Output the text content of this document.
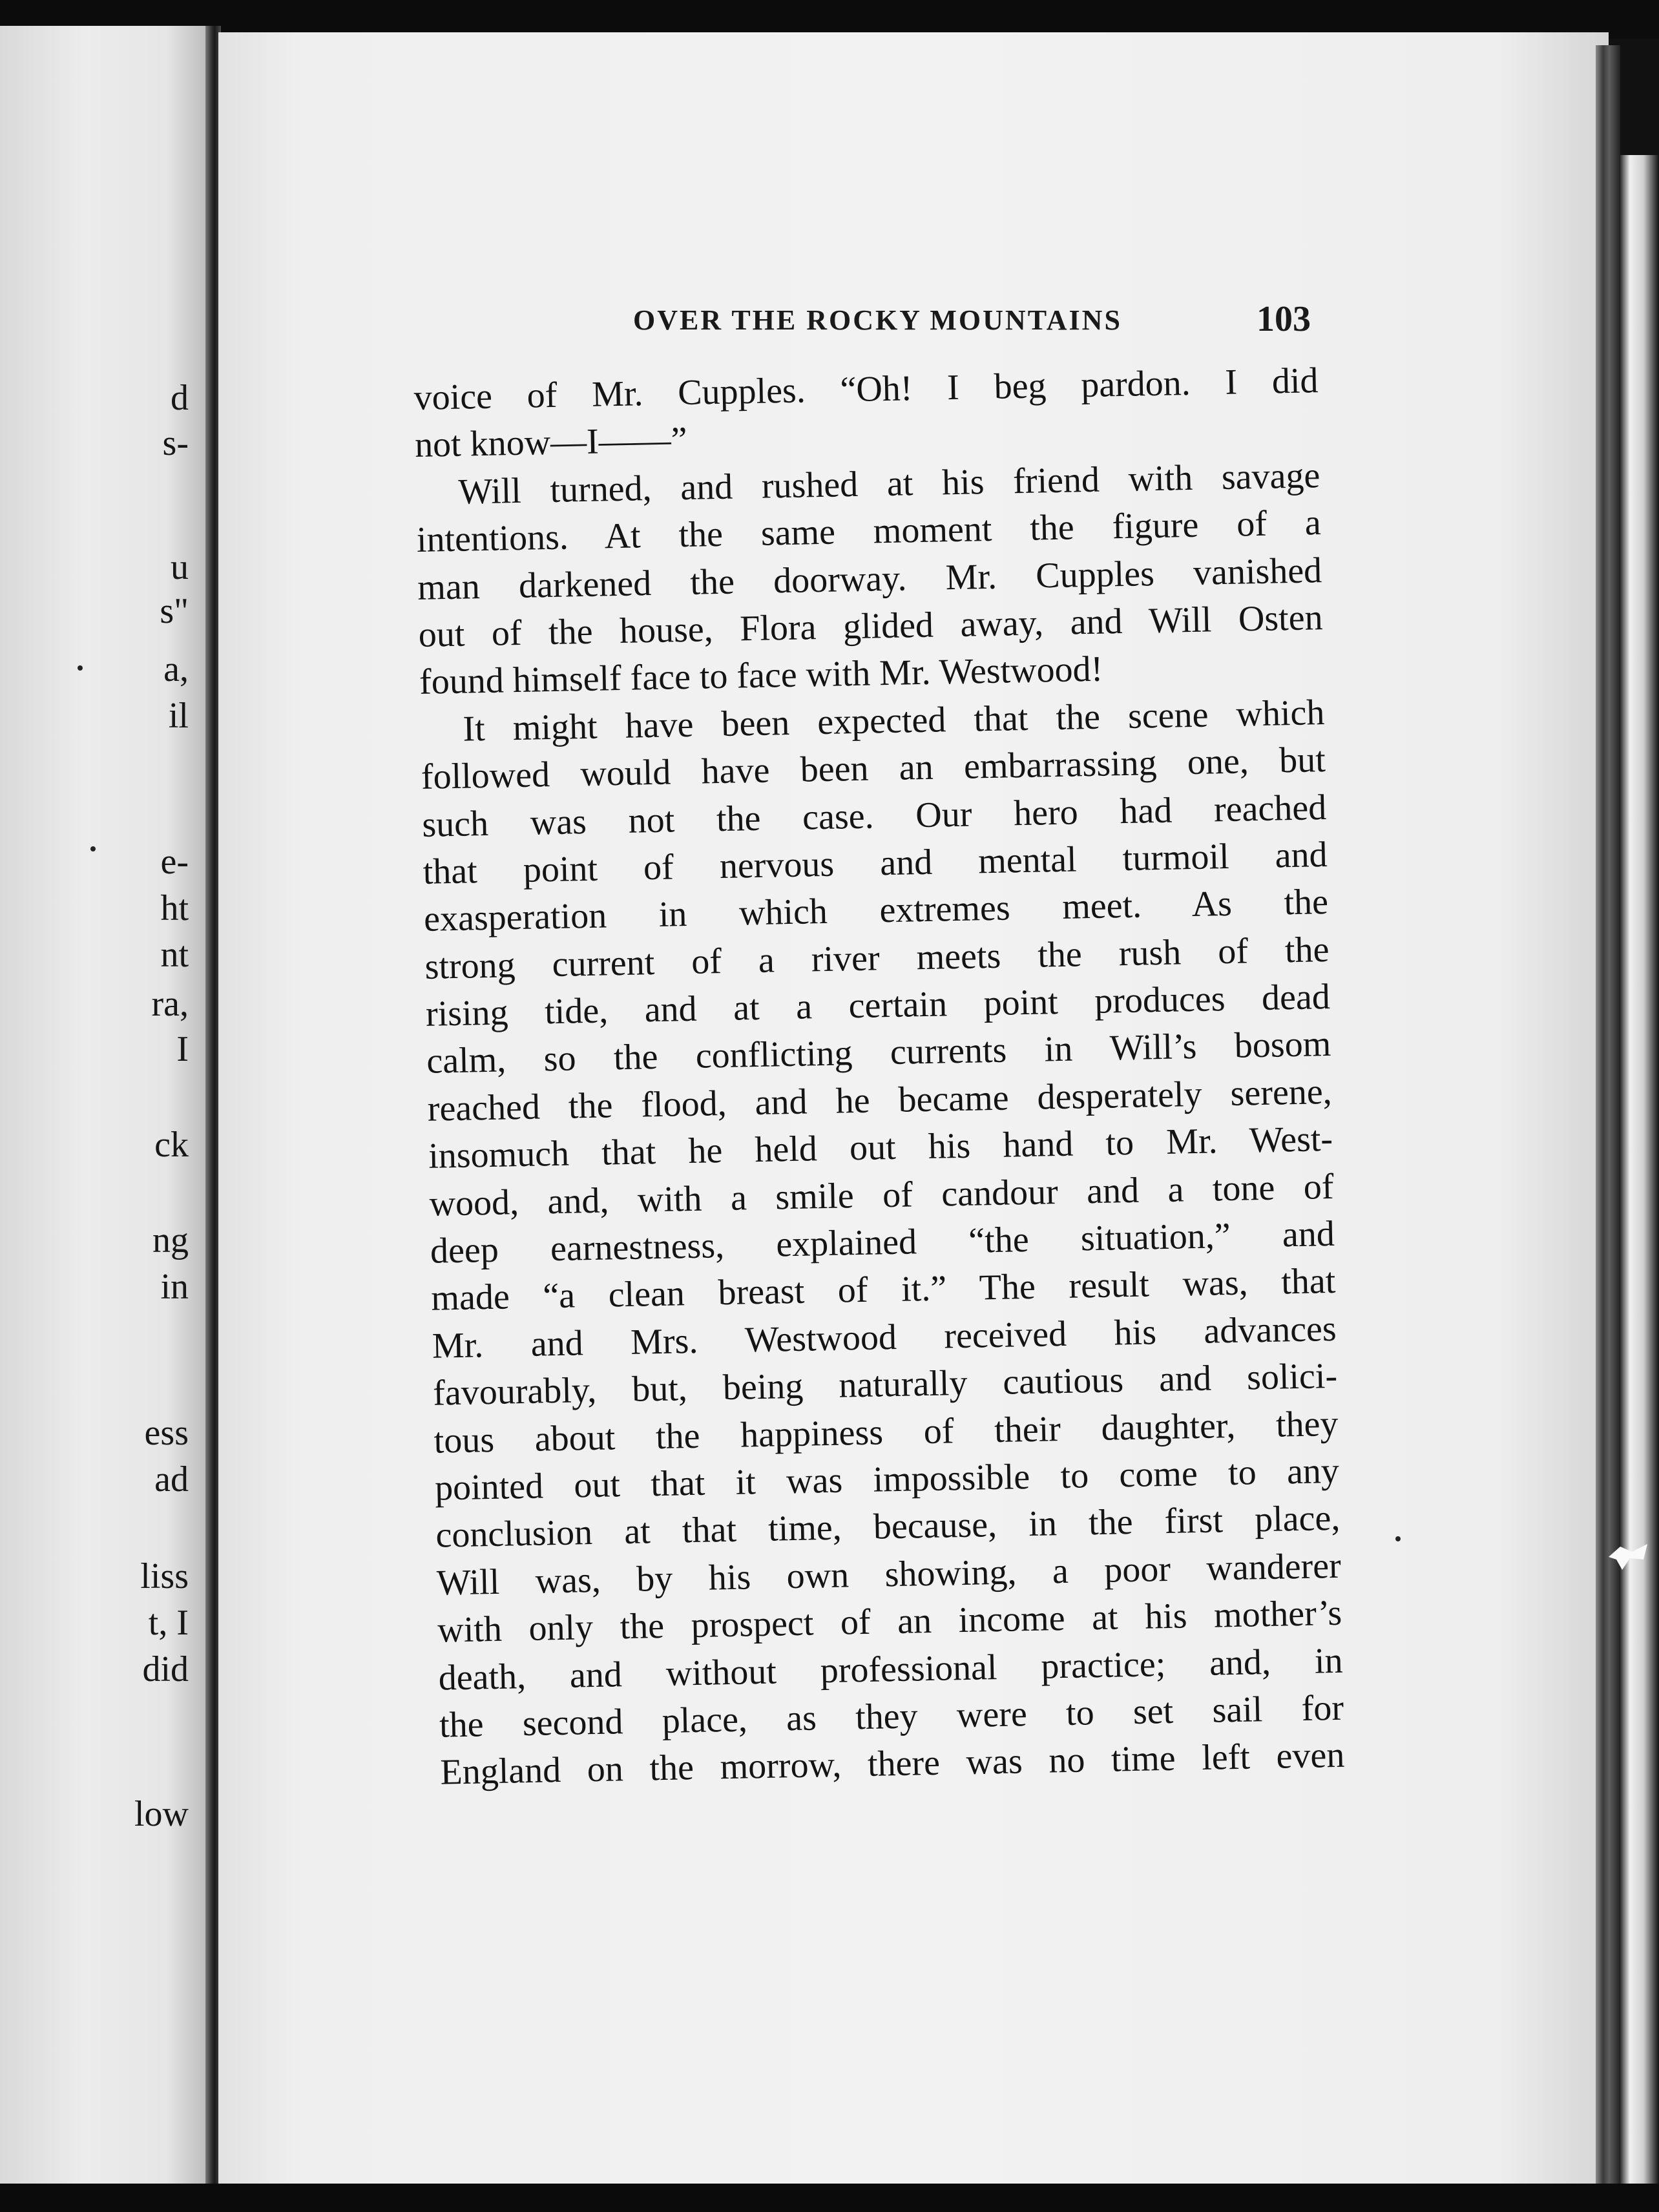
d
s-
u
s"
a,
il
e-
ht
nt
ra,
I
ck
ng
in
ess
ad
liss
t, I
did
low
OVER THE ROCKY MOUNTAINS	103
voice of Mr. Cupples. “Oh! I beg pardon. I did
not know—I——”
Will turned, and rushed at his friend with savage
intentions. At the same moment the figure of a
man darkened the doorway. Mr. Cupples vanished
out of the house, Flora glided away, and Will Osten
found himself face to face with Mr. Westwood!
It might have been expected that the scene which
followed would have been an embarrassing one, but
such was not the case. Our hero had reached
that point of nervous and mental turmoil and
exasperation in which extremes meet. As the
strong current of a river meets the rush of the
rising tide, and at a certain point produces dead
calm, so the conflicting currents in Will’s bosom
reached the flood, and he became desperately serene,
insomuch that he held out his hand to Mr. West-
wood, and, with a smile of candour and a tone of
deep earnestness, explained “the situation,” and
made “a clean breast of it.” The result was, that
Mr. and Mrs. Westwood received his advances
favourably, but, being naturally cautious and solici-
tous about the happiness of their daughter, they
pointed out that it was impossible to come to any
conclusion at that time, because, in the first place,
Will was, by his own showing, a poor wanderer
with only the prospect of an income at his mother’s
death, and without professional practice; and, in
the second place, as they were to set sail for
England on the morrow, there was no time left even
